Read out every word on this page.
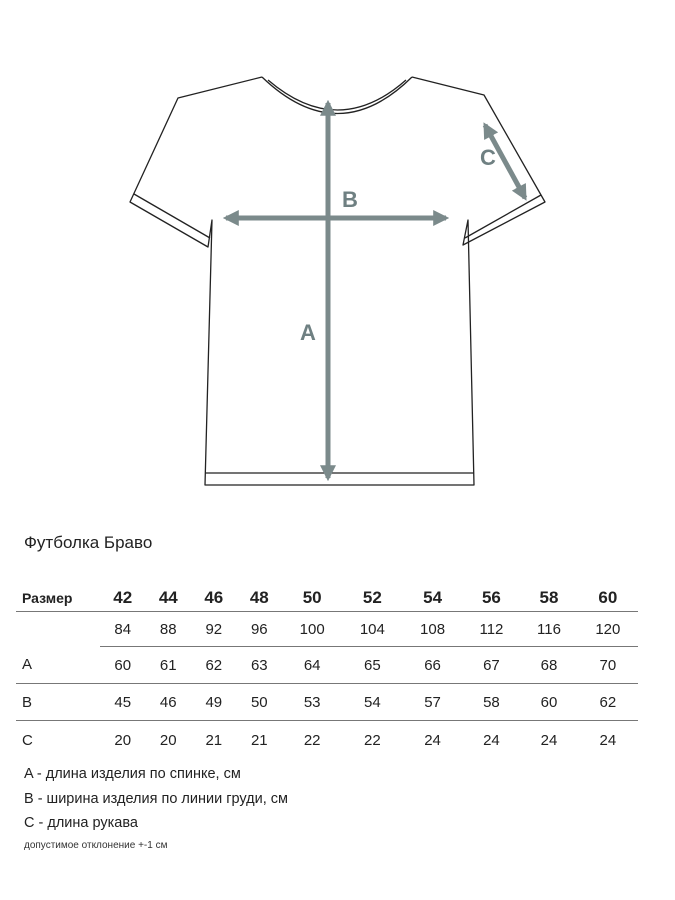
A
B
C
Футболка Браво
Размер	42	44	46	48	50	52	54	56	58	60
	84	88	92	96	100	104	108	112	116	120
A	60	61	62	63	64	65	66	67	68	70
B	45	46	49	50	53	54	57	58	60	62
C	20	20	21	21	22	22	24	24	24	24
A - длина изделия по спинке, см
B - ширина изделия по линии груди, см
C - длина рукава
допустимое отклонение +-1 см
